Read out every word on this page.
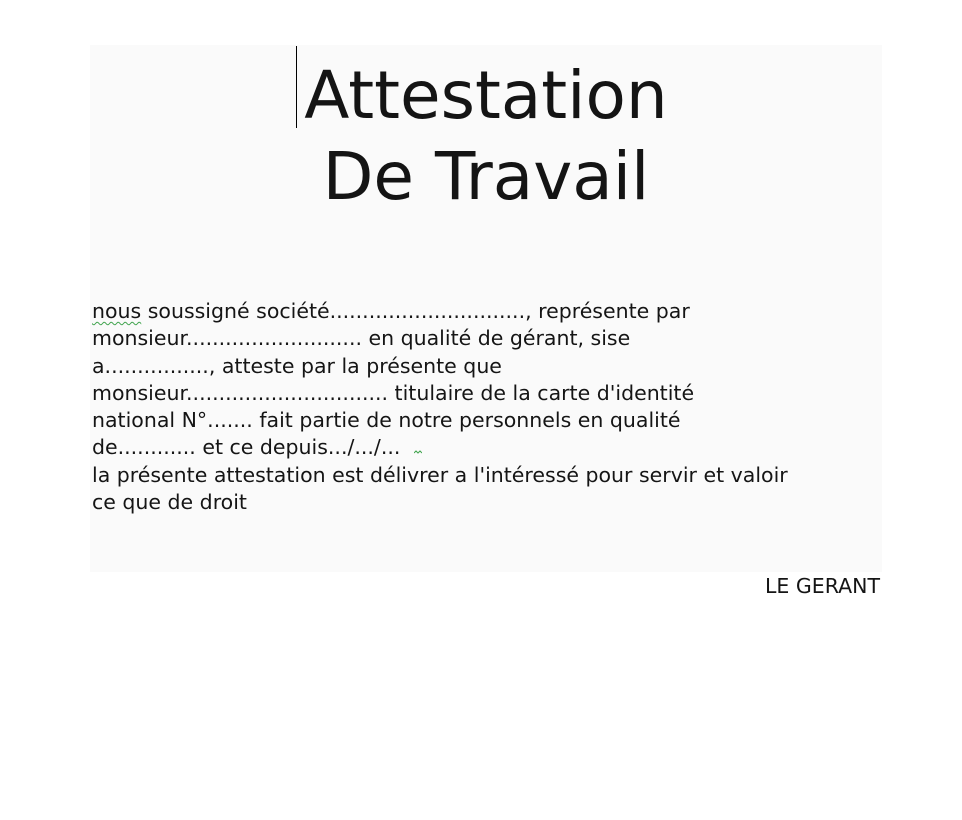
Attestation
De Travail
nous soussigné société.............................., représente par
monsieur........................... en qualité de gérant, sise
a................, atteste par la présente que
monsieur............................... titulaire de la carte d'identité
national N°....... fait partie de notre personnels en qualité
de............ et ce depuis.../.../...
la présente attestation est délivrer a l'intéressé pour servir et valoir
ce que de droit
LE GERANT
